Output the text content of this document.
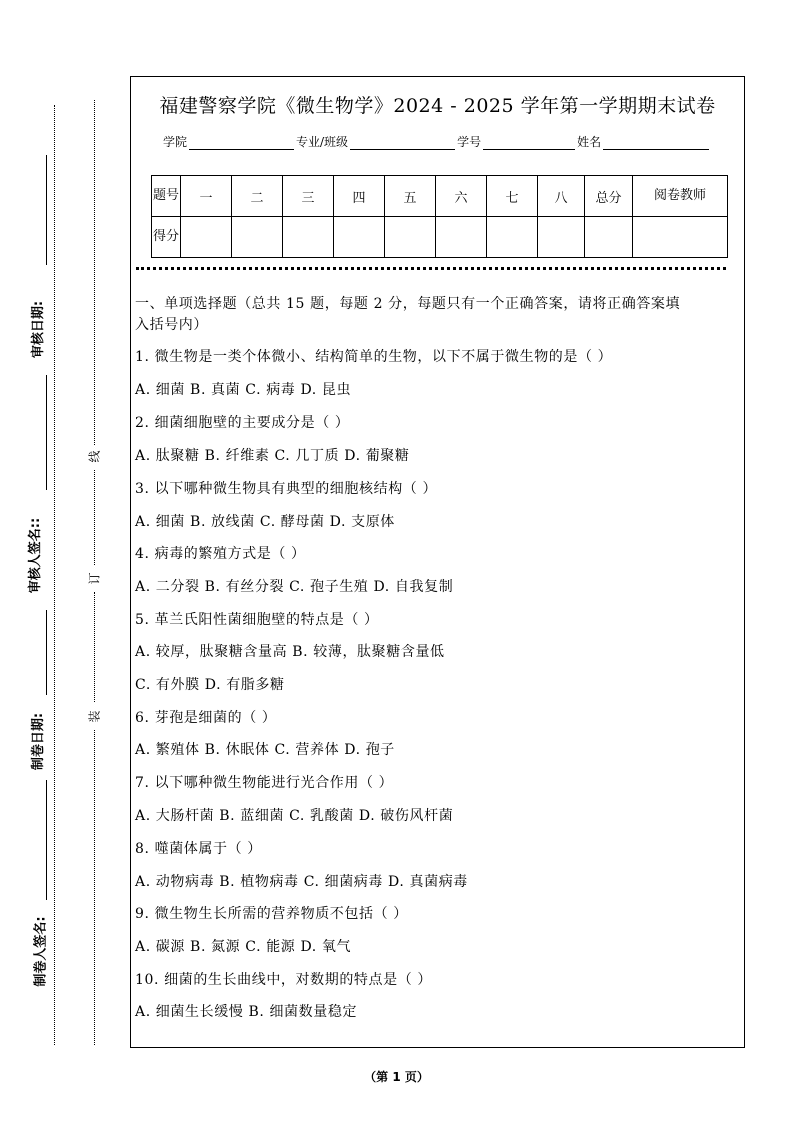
审核日期:
审核人签名::
制卷日期:
制卷人签名:
线
订
装
福建警察学院《微生物学》2024 - 2025 学年第一学期期末试卷
学院	专业/班级	学号	姓名
题号	一	二	三	四	五	六	七	八	总分	阅卷教师
得分										
一、单项选择题（总共 15 题，每题 2 分，每题只有一个正确答案，请将正确答案填
入括号内）
1. 微生物是一类个体微小、结构简单的生物，以下不属于微生物的是（ ）
A. 细菌 B. 真菌 C. 病毒 D. 昆虫
2. 细菌细胞壁的主要成分是（ ）
A. 肽聚糖 B. 纤维素 C. 几丁质 D. 葡聚糖
3. 以下哪种微生物具有典型的细胞核结构（ ）
A. 细菌 B. 放线菌 C. 酵母菌 D. 支原体
4. 病毒的繁殖方式是（ ）
A. 二分裂 B. 有丝分裂 C. 孢子生殖 D. 自我复制
5. 革兰氏阳性菌细胞壁的特点是（ ）
A. 较厚，肽聚糖含量高 B. 较薄，肽聚糖含量低
C. 有外膜 D. 有脂多糖
6. 芽孢是细菌的（ ）
A. 繁殖体 B. 休眠体 C. 营养体 D. 孢子
7. 以下哪种微生物能进行光合作用（ ）
A. 大肠杆菌 B. 蓝细菌 C. 乳酸菌 D. 破伤风杆菌
8. 噬菌体属于（ ）
A. 动物病毒 B. 植物病毒 C. 细菌病毒 D. 真菌病毒
9. 微生物生长所需的营养物质不包括（ ）
A. 碳源 B. 氮源 C. 能源 D. 氧气
10. 细菌的生长曲线中，对数期的特点是（ ）
A. 细菌生长缓慢 B. 细菌数量稳定
（第 1 页）
